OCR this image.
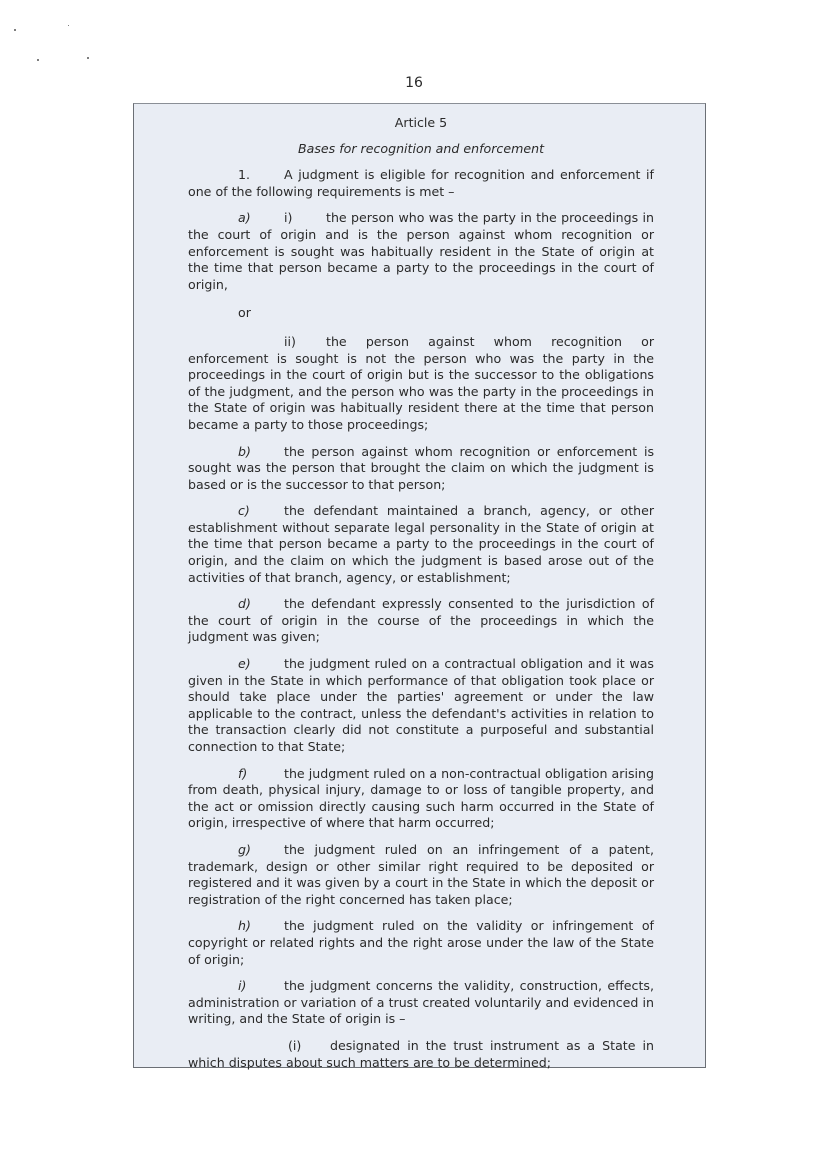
16
Article 5
Bases for recognition and enforcement

1.	A judgment is eligible for recognition and enforcement if one of the following requirements is met –

a)	i)	the person who was the party in the proceedings in the court of origin and is the person against whom recognition or enforcement is sought was habitually resident in the State of origin at the time that person became a party to the proceedings in the court of origin,

or

ii) the person against whom recognition or enforcement is sought is not the person who was the party in the proceedings in the court of origin but is the successor to the obligations of the judgment, and the person who was the party in the proceedings in the State of origin was habitually resident there at the time that person became a party to those proceedings;

b)	the person against whom recognition or enforcement is sought was the person that brought the claim on which the judgment is based or is the successor to that person;

c)	the defendant maintained a branch, agency, or other establishment without separate legal personality in the State of origin at the time that person became a party to the proceedings in the court of origin, and the claim on which the judgment is based arose out of the activities of that branch, agency, or establishment;

d)	the defendant expressly consented to the jurisdiction of the court of origin in the course of the proceedings in which the judgment was given;

e)	the judgment ruled on a contractual obligation and it was given in the State in which performance of that obligation took place or should take place under the parties' agreement or under the law applicable to the contract, unless the defendant's activities in relation to the transaction clearly did not constitute a purposeful and substantial connection to that State;

f)	the judgment ruled on a non-contractual obligation arising from death, physical injury, damage to or loss of tangible property, and the act or omission directly causing such harm occurred in the State of origin, irrespective of where that harm occurred;

g)	the judgment ruled on an infringement of a patent, trademark, design or other similar right required to be deposited or registered and it was given by a court in the State in which the deposit or registration of the right concerned has taken place;

h)	the judgment ruled on the validity or infringement of copyright or related rights and the right arose under the law of the State of origin;

i)	the judgment concerns the validity, construction, effects, administration or variation of a trust created voluntarily and evidenced in writing, and the State of origin is –

(i) designated in the trust instrument as a State in which disputes about such matters are to be determined;
